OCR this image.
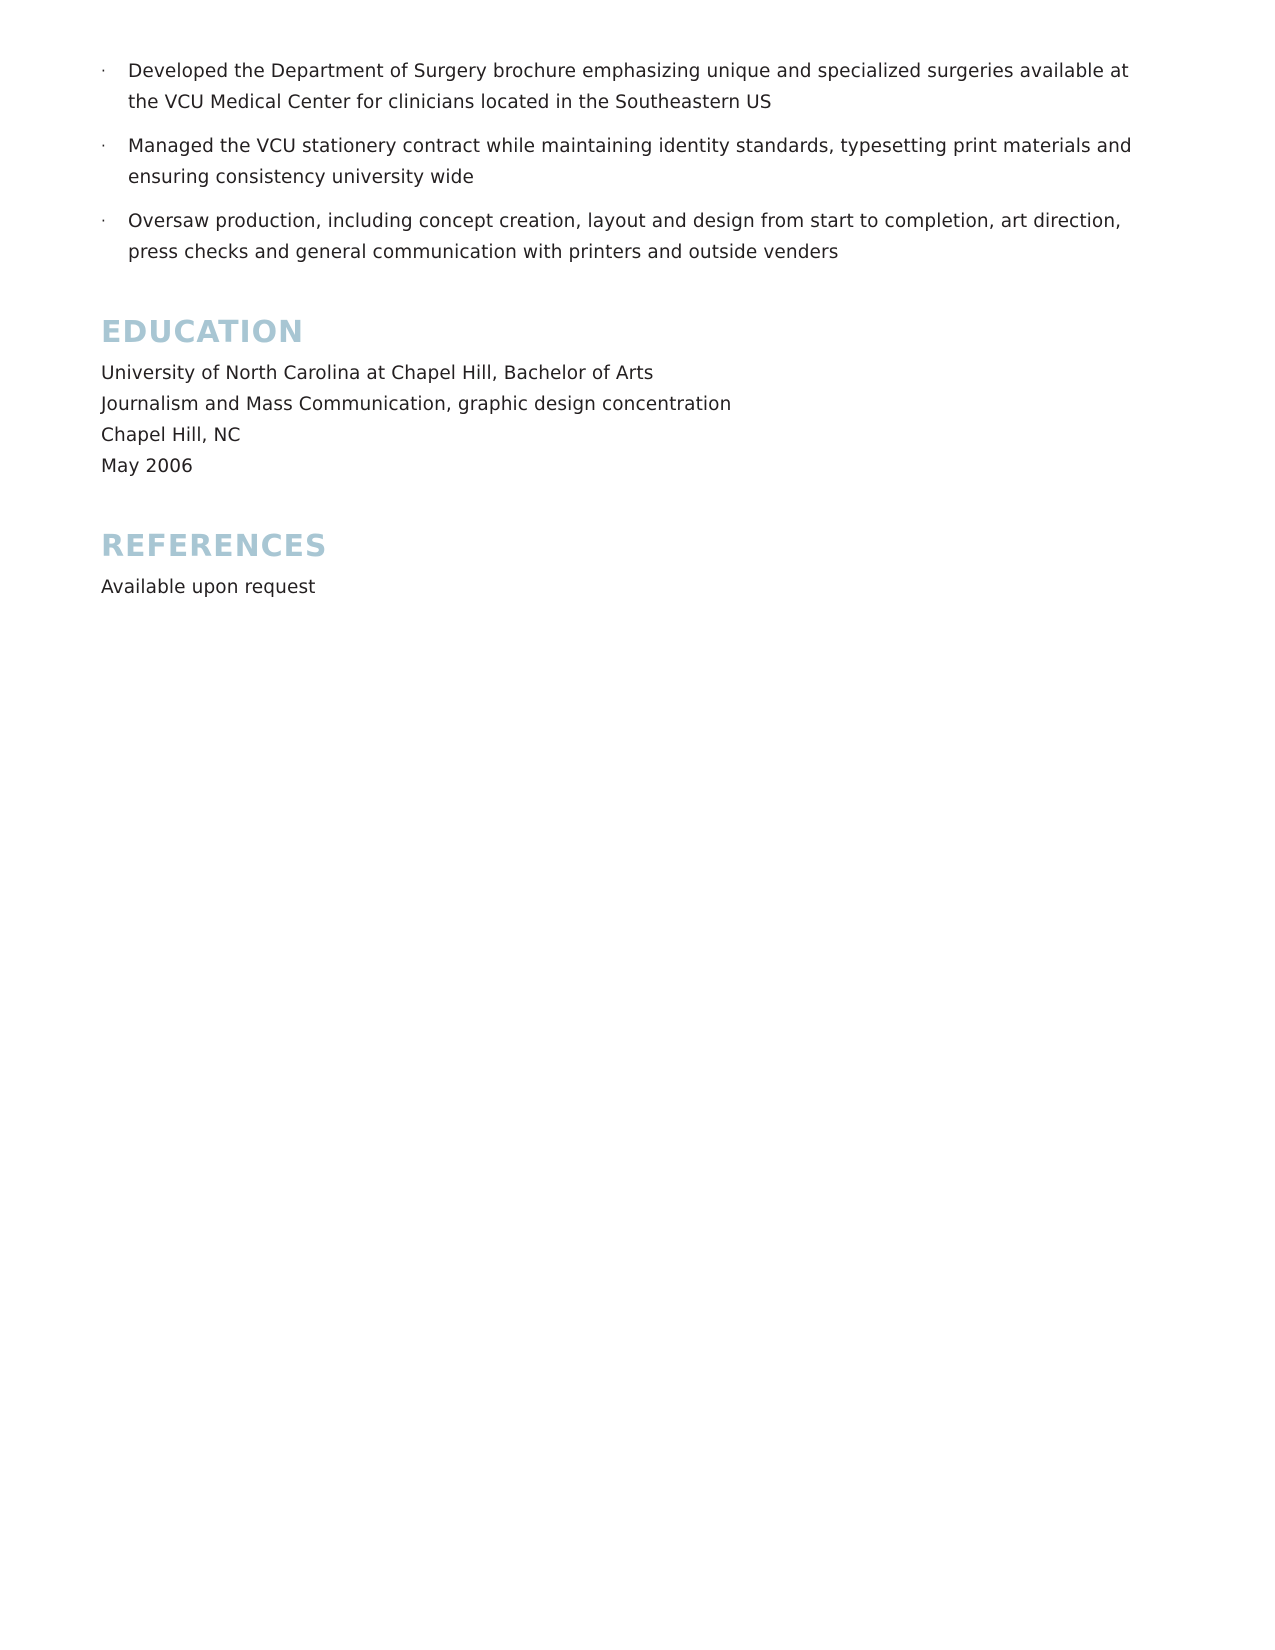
· Developed the Department of Surgery brochure emphasizing unique and specialized surgeries available at the VCU Medical Center for clinicians located in the Southeastern US
· Managed the VCU stationery contract while maintaining identity standards, typesetting print materials and ensuring consistency university wide
· Oversaw production, including concept creation, layout and design from start to completion, art direction, press checks and general communication with printers and outside venders
EDUCATION
University of North Carolina at Chapel Hill, Bachelor of Arts
Journalism and Mass Communication, graphic design concentration
Chapel Hill, NC
May 2006
REFERENCES
Available upon request
